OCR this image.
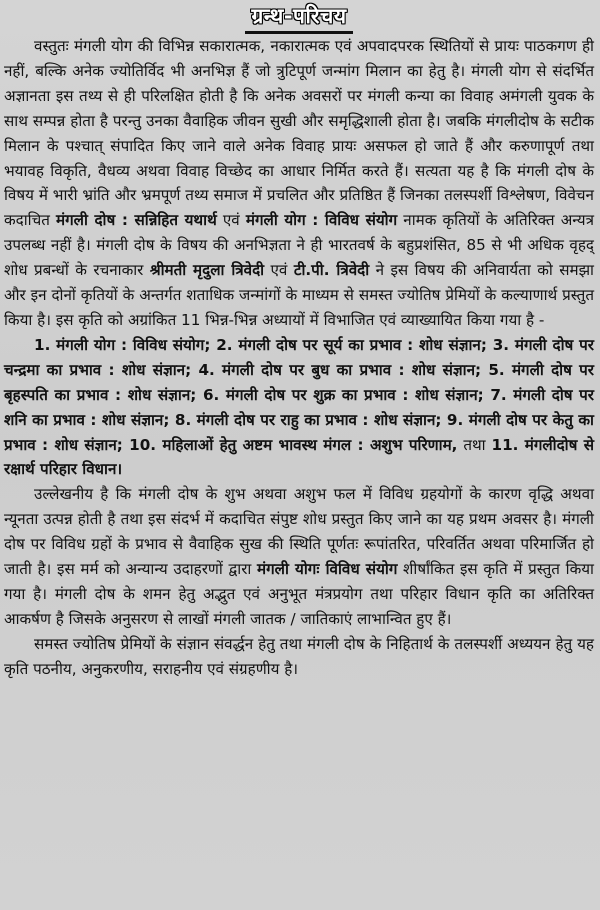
ग्रन्थ-परिचय

वस्तुतः मंगली योग की विभिन्न सकारात्मक, नकारात्मक एवं अपवादपरक स्थितियों से प्रायः पाठकगण ही नहीं, बल्कि अनेक ज्योतिर्विद भी अनभिज्ञ हैं जो त्रुटिपूर्ण जन्मांग मिलान का हेतु है। मंगली योग से संदर्भित अज्ञानता इस तथ्य से ही परिलक्षित होती है कि अनेक अवसरों पर मंगली कन्या का विवाह अमंगली युवक के साथ सम्पन्न होता है परन्तु उनका वैवाहिक जीवन सुखी और समृद्धिशाली होता है। जबकि मंगलीदोष के सटीक मिलान के पश्चात् संपादित किए जाने वाले अनेक विवाह प्रायः असफल हो जाते हैं और करुणापूर्ण तथा भयावह विकृति, वैधव्य अथवा विवाह विच्छेद का आधार निर्मित करते हैं। सत्यता यह है कि मंगली दोष के विषय में भारी भ्रांति और भ्रमपूर्ण तथ्य समाज में प्रचलित और प्रतिष्ठित हैं जिनका तलस्पर्शी विश्लेषण, विवेचन कदाचित मंगली दोष : सन्निहित यथार्थ एवं मंगली योग : विविध संयोग नामक कृतियों के अतिरिक्त अन्यत्र उपलब्ध नहीं है। मंगली दोष के विषय की अनभिज्ञता ने ही भारतवर्ष के बहुप्रशंसित, 85 से भी अधिक वृहद् शोध प्रबन्धों के रचनाकार श्रीमती मृदुला त्रिवेदी एवं टी.पी. त्रिवेदी ने इस विषय की अनिवार्यता को समझा और इन दोनों कृतियों के अन्तर्गत शताधिक जन्मांगों के माध्यम से समस्त ज्योतिष प्रेमियों के कल्याणार्थ प्रस्तुत किया है। इस कृति को अग्रांकित 11 भिन्न-भिन्न अध्यायों में विभाजित एवं व्याख्यायित किया गया है -

1. मंगली योग : विविध संयोग; 2. मंगली दोष पर सूर्य का प्रभाव : शोध संज्ञान; 3. मंगली दोष पर चन्द्रमा का प्रभाव : शोध संज्ञान; 4. मंगली दोष पर बुध का प्रभाव : शोध संज्ञान; 5. मंगली दोष पर बृहस्पति का प्रभाव : शोध संज्ञान; 6. मंगली दोष पर शुक्र का प्रभाव : शोध संज्ञान; 7. मंगली दोष पर शनि का प्रभाव : शोध संज्ञान; 8. मंगली दोष पर राहु का प्रभाव : शोध संज्ञान; 9. मंगली दोष पर केतु का प्रभाव : शोध संज्ञान; 10. महिलाओं हेतु अष्टम भावस्थ मंगल : अशुभ परिणाम, तथा 11. मंगलीदोष से रक्षार्थ परिहार विधान।

उल्लेखनीय है कि मंगली दोष के शुभ अथवा अशुभ फल में विविध ग्रहयोगों के कारण वृद्धि अथवा न्यूनता उत्पन्न होती है तथा इस संदर्भ में कदाचित संपुष्ट शोध प्रस्तुत किए जाने का यह प्रथम अवसर है। मंगली दोष पर विविध ग्रहों के प्रभाव से वैवाहिक सुख की स्थिति पूर्णतः रूपांतरित, परिवर्तित अथवा परिमार्जित हो जाती है। इस मर्म को अन्यान्य उदाहरणों द्वारा मंगली योगः विविध संयोग शीर्षांकित इस कृति में प्रस्तुत किया गया है। मंगली दोष के शमन हेतु अद्भुत एवं अनुभूत मंत्रप्रयोग तथा परिहार विधान कृति का अतिरिक्त आकर्षण है जिसके अनुसरण से लाखों मंगली जातक / जातिकाएं लाभान्वित हुए हैं।

समस्त ज्योतिष प्रेमियों के संज्ञान संवर्द्धन हेतु तथा मंगली दोष के निहितार्थ के तलस्पर्शी अध्ययन हेतु यह कृति पठनीय, अनुकरणीय, सराहनीय एवं संग्रहणीय है।
